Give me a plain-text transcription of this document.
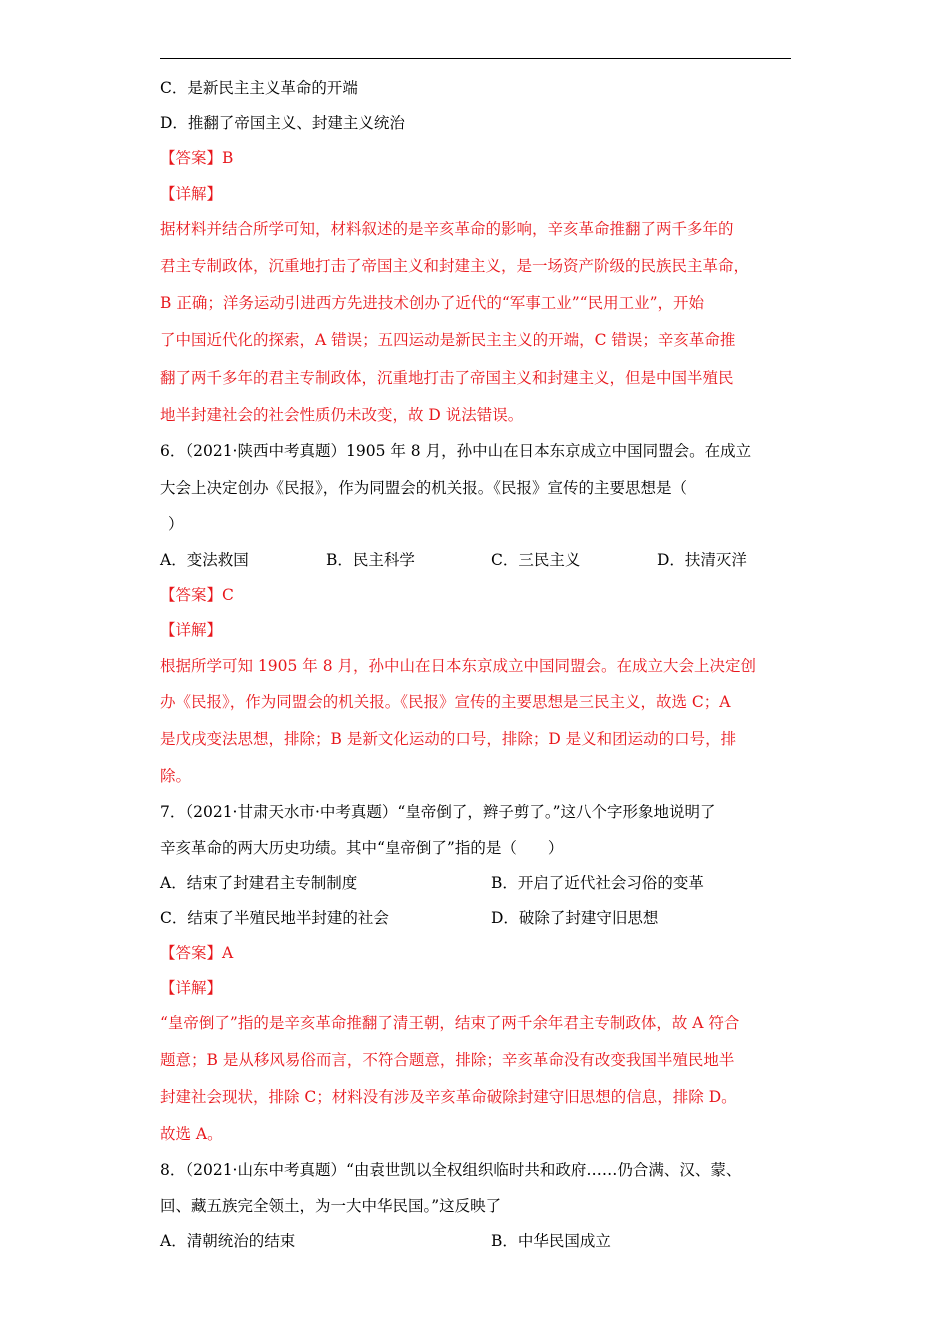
C．是新民主主义革命的开端
D．推翻了帝国主义、封建主义统治
【答案】B
【详解】
据材料并结合所学可知，材料叙述的是辛亥革命的影响，辛亥革命推翻了两千多年的
君主专制政体，沉重地打击了帝国主义和封建主义，是一场资产阶级的民族民主革命，
B 正确；洋务运动引进西方先进技术创办了近代的“军事工业”“民用工业”，开始
了中国近代化的探索，A 错误；五四运动是新民主主义的开端，C 错误；辛亥革命推
翻了两千多年的君主专制政体，沉重地打击了帝国主义和封建主义，但是中国半殖民
地半封建社会的社会性质仍未改变，故 D 说法错误。
6．（2021·陕西中考真题）1905 年 8 月，孙中山在日本东京成立中国同盟会。在成立
大会上决定创办《民报》，作为同盟会的机关报。《民报》宣传的主要思想是（
）
A．变法救国	B．民主科学	C．三民主义	D．扶清灭洋
【答案】C
【详解】
根据所学可知 1905 年 8 月，孙中山在日本东京成立中国同盟会。在成立大会上决定创
办《民报》，作为同盟会的机关报。《民报》宣传的主要思想是三民主义，故选 C；A
是戊戌变法思想，排除；B 是新文化运动的口号，排除；D 是义和团运动的口号，排
除。
7．（2021·甘肃天水市·中考真题）“皇帝倒了，辫子剪了。”这八个字形象地说明了
辛亥革命的两大历史功绩。其中“皇帝倒了”指的是（　　）
A．结束了封建君主专制制度	B．开启了近代社会习俗的变革
C．结束了半殖民地半封建的社会	D．破除了封建守旧思想
【答案】A
【详解】
“皇帝倒了”指的是辛亥革命推翻了清王朝，结束了两千余年君主专制政体，故 A 符合
题意；B 是从移风易俗而言，不符合题意，排除；辛亥革命没有改变我国半殖民地半
封建社会现状，排除 C；材料没有涉及辛亥革命破除封建守旧思想的信息，排除 D。
故选 A。
8．（2021·山东中考真题）“由袁世凯以全权组织临时共和政府……仍合满、汉、蒙、
回、藏五族完全领土，为一大中华民国。”这反映了
A．清朝统治的结束	B．中华民国成立
